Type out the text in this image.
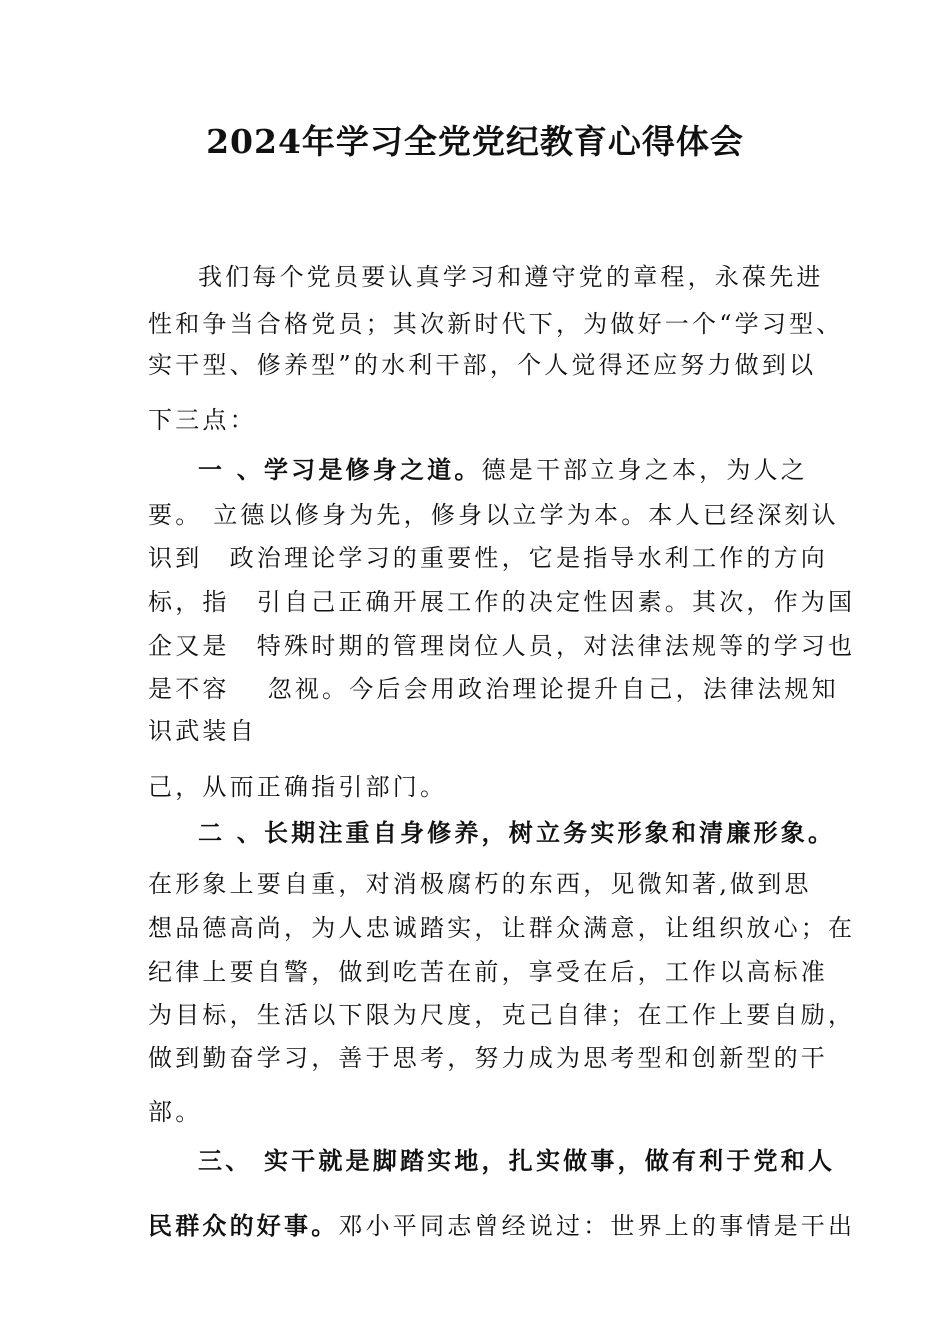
2024年学习全党党纪教育心得体会
我们每个党员要认真学习和遵守党的章程，永葆先进
性和争当合格党员；其次新时代下，为做好一个“学习型、
实干型、修养型”的水利干部，个人觉得还应努力做到以
下三点：
一 、学习是修身之道。德是干部立身之本，为人之
要。 立德以修身为先，修身以立学为本。本人已经深刻认
识到　政治理论学习的重要性，它是指导水利工作的方向
标，指　引自己正确开展工作的决定性因素。其次，作为国
企又是　特殊时期的管理岗位人员，对法律法规等的学习也
是不容　 忽视。今后会用政治理论提升自己，法律法规知
识武装自
己，从而正确指引部门。
二 、长期注重自身修养，树立务实形象和清廉形象。
在形象上要自重，对消极腐朽的东西，见微知著,做到思
想品德高尚，为人忠诚踏实，让群众满意，让组织放心；在
纪律上要自警，做到吃苦在前，享受在后，工作以高标准
为目标，生活以下限为尺度，克己自律；在工作上要自励，
做到勤奋学习，善于思考，努力成为思考型和创新型的干
部。
三、 实干就是脚踏实地，扎实做事，做有利于党和人
民群众的好事。邓小平同志曾经说过：世界上的事情是干出
